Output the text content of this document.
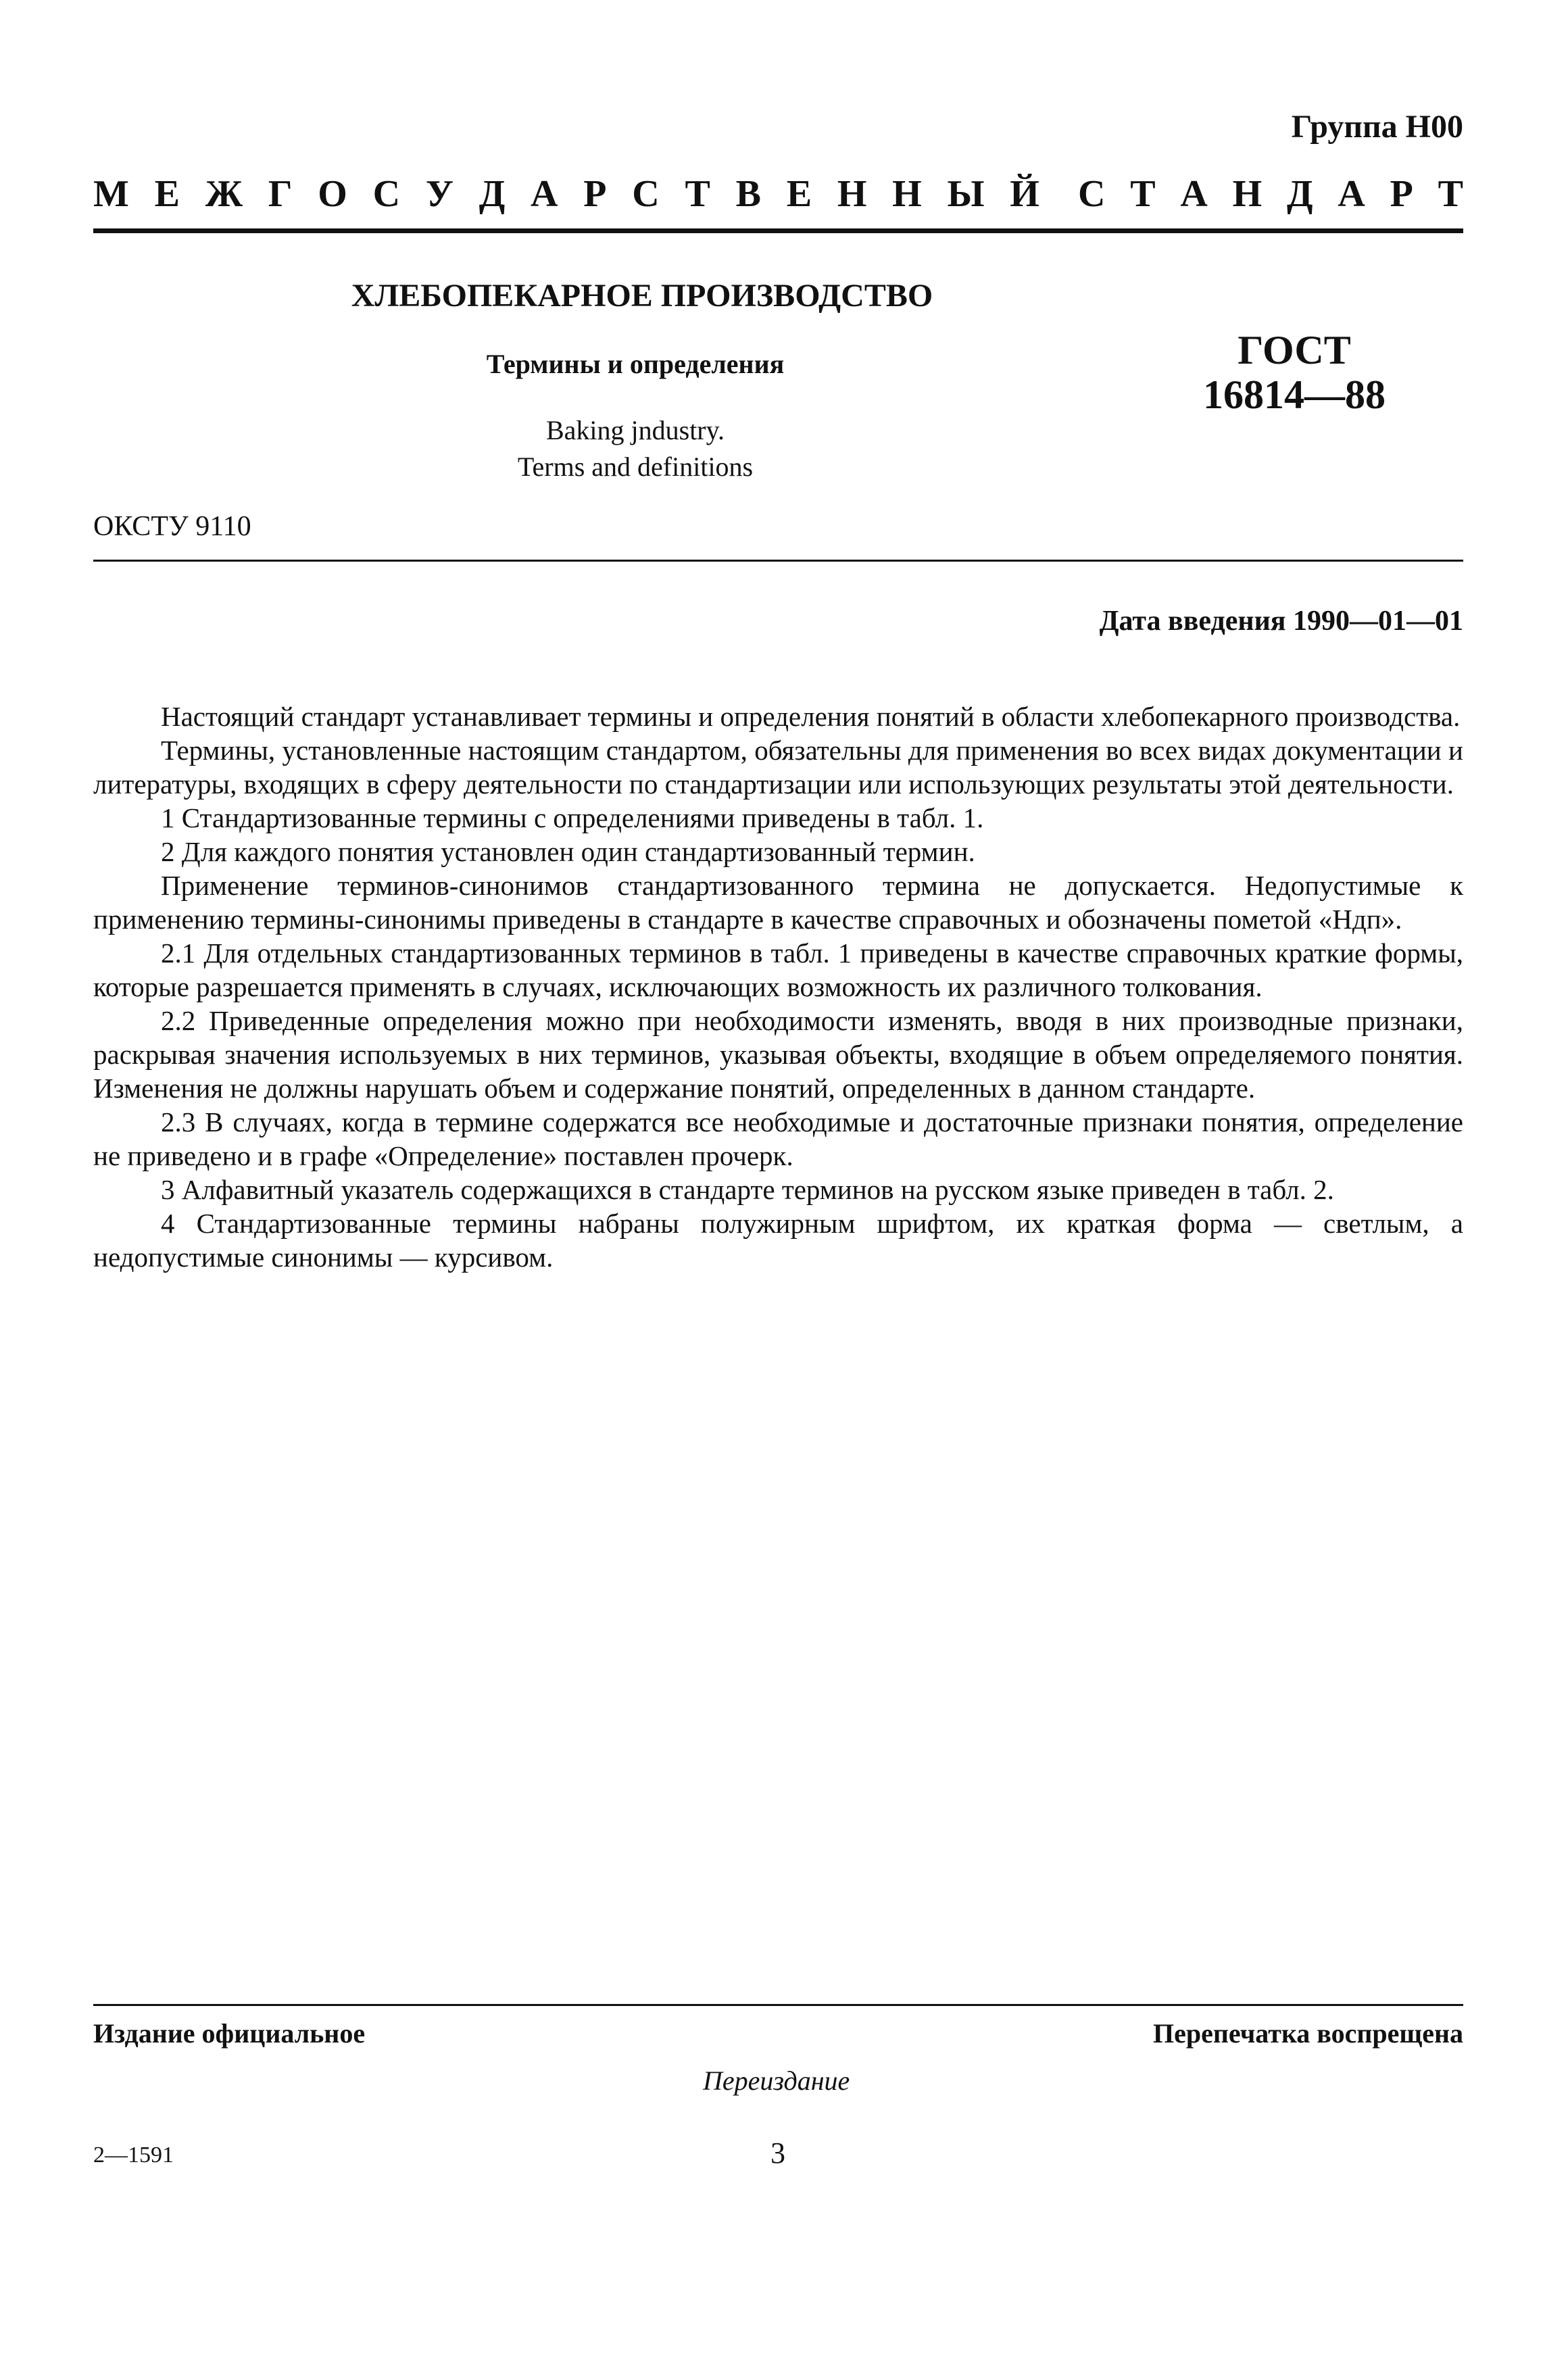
Группа Н00
М Е Ж Г О С У Д А Р С Т В Е Н Н Ы Й С Т А Н Д А Р Т
ХЛЕБОПЕКАРНОЕ ПРОИЗВОДСТВО
Термины и определения
Baking jndustry.
Terms and definitions
ГОСТ
16814—88
ОКСТУ 9110
Дата введения 1990—01—01

Настоящий стандарт устанавливает термины и определения понятий в области хлебопекарного производства.

Термины, установленные настоящим стандартом, обязательны для применения во всех видах документации и литературы, входящих в сферу деятельности по стандартизации или использующих результаты этой деятельности.

1 Стандартизованные термины с определениями приведены в табл. 1.

2 Для каждого понятия установлен один стандартизованный термин.

Применение терминов-синонимов стандартизованного термина не допускается. Недопустимые к применению термины-синонимы приведены в стандарте в качестве справочных и обозначены пометой «Ндп».

2.1 Для отдельных стандартизованных терминов в табл. 1 приведены в качестве справочных краткие формы, которые разрешается применять в случаях, исключающих возможность их различного толкования.

2.2 Приведенные определения можно при необходимости изменять, вводя в них производные признаки, раскрывая значения используемых в них терминов, указывая объекты, входящие в объем определяемого понятия. Изменения не должны нарушать объем и содержание понятий, определенных в данном стандарте.

2.3 В случаях, когда в термине содержатся все необходимые и достаточные признаки понятия, определение не приведено и в графе «Определение» поставлен прочерк.

3 Алфавитный указатель содержащихся в стандарте терминов на русском языке приведен в табл. 2.

4 Стандартизованные термины набраны полужирным шрифтом, их краткая форма — светлым, а недопустимые синонимы — курсивом.

Издание официальное	Перепечатка воспрещена
Переиздание
2—1591	3
